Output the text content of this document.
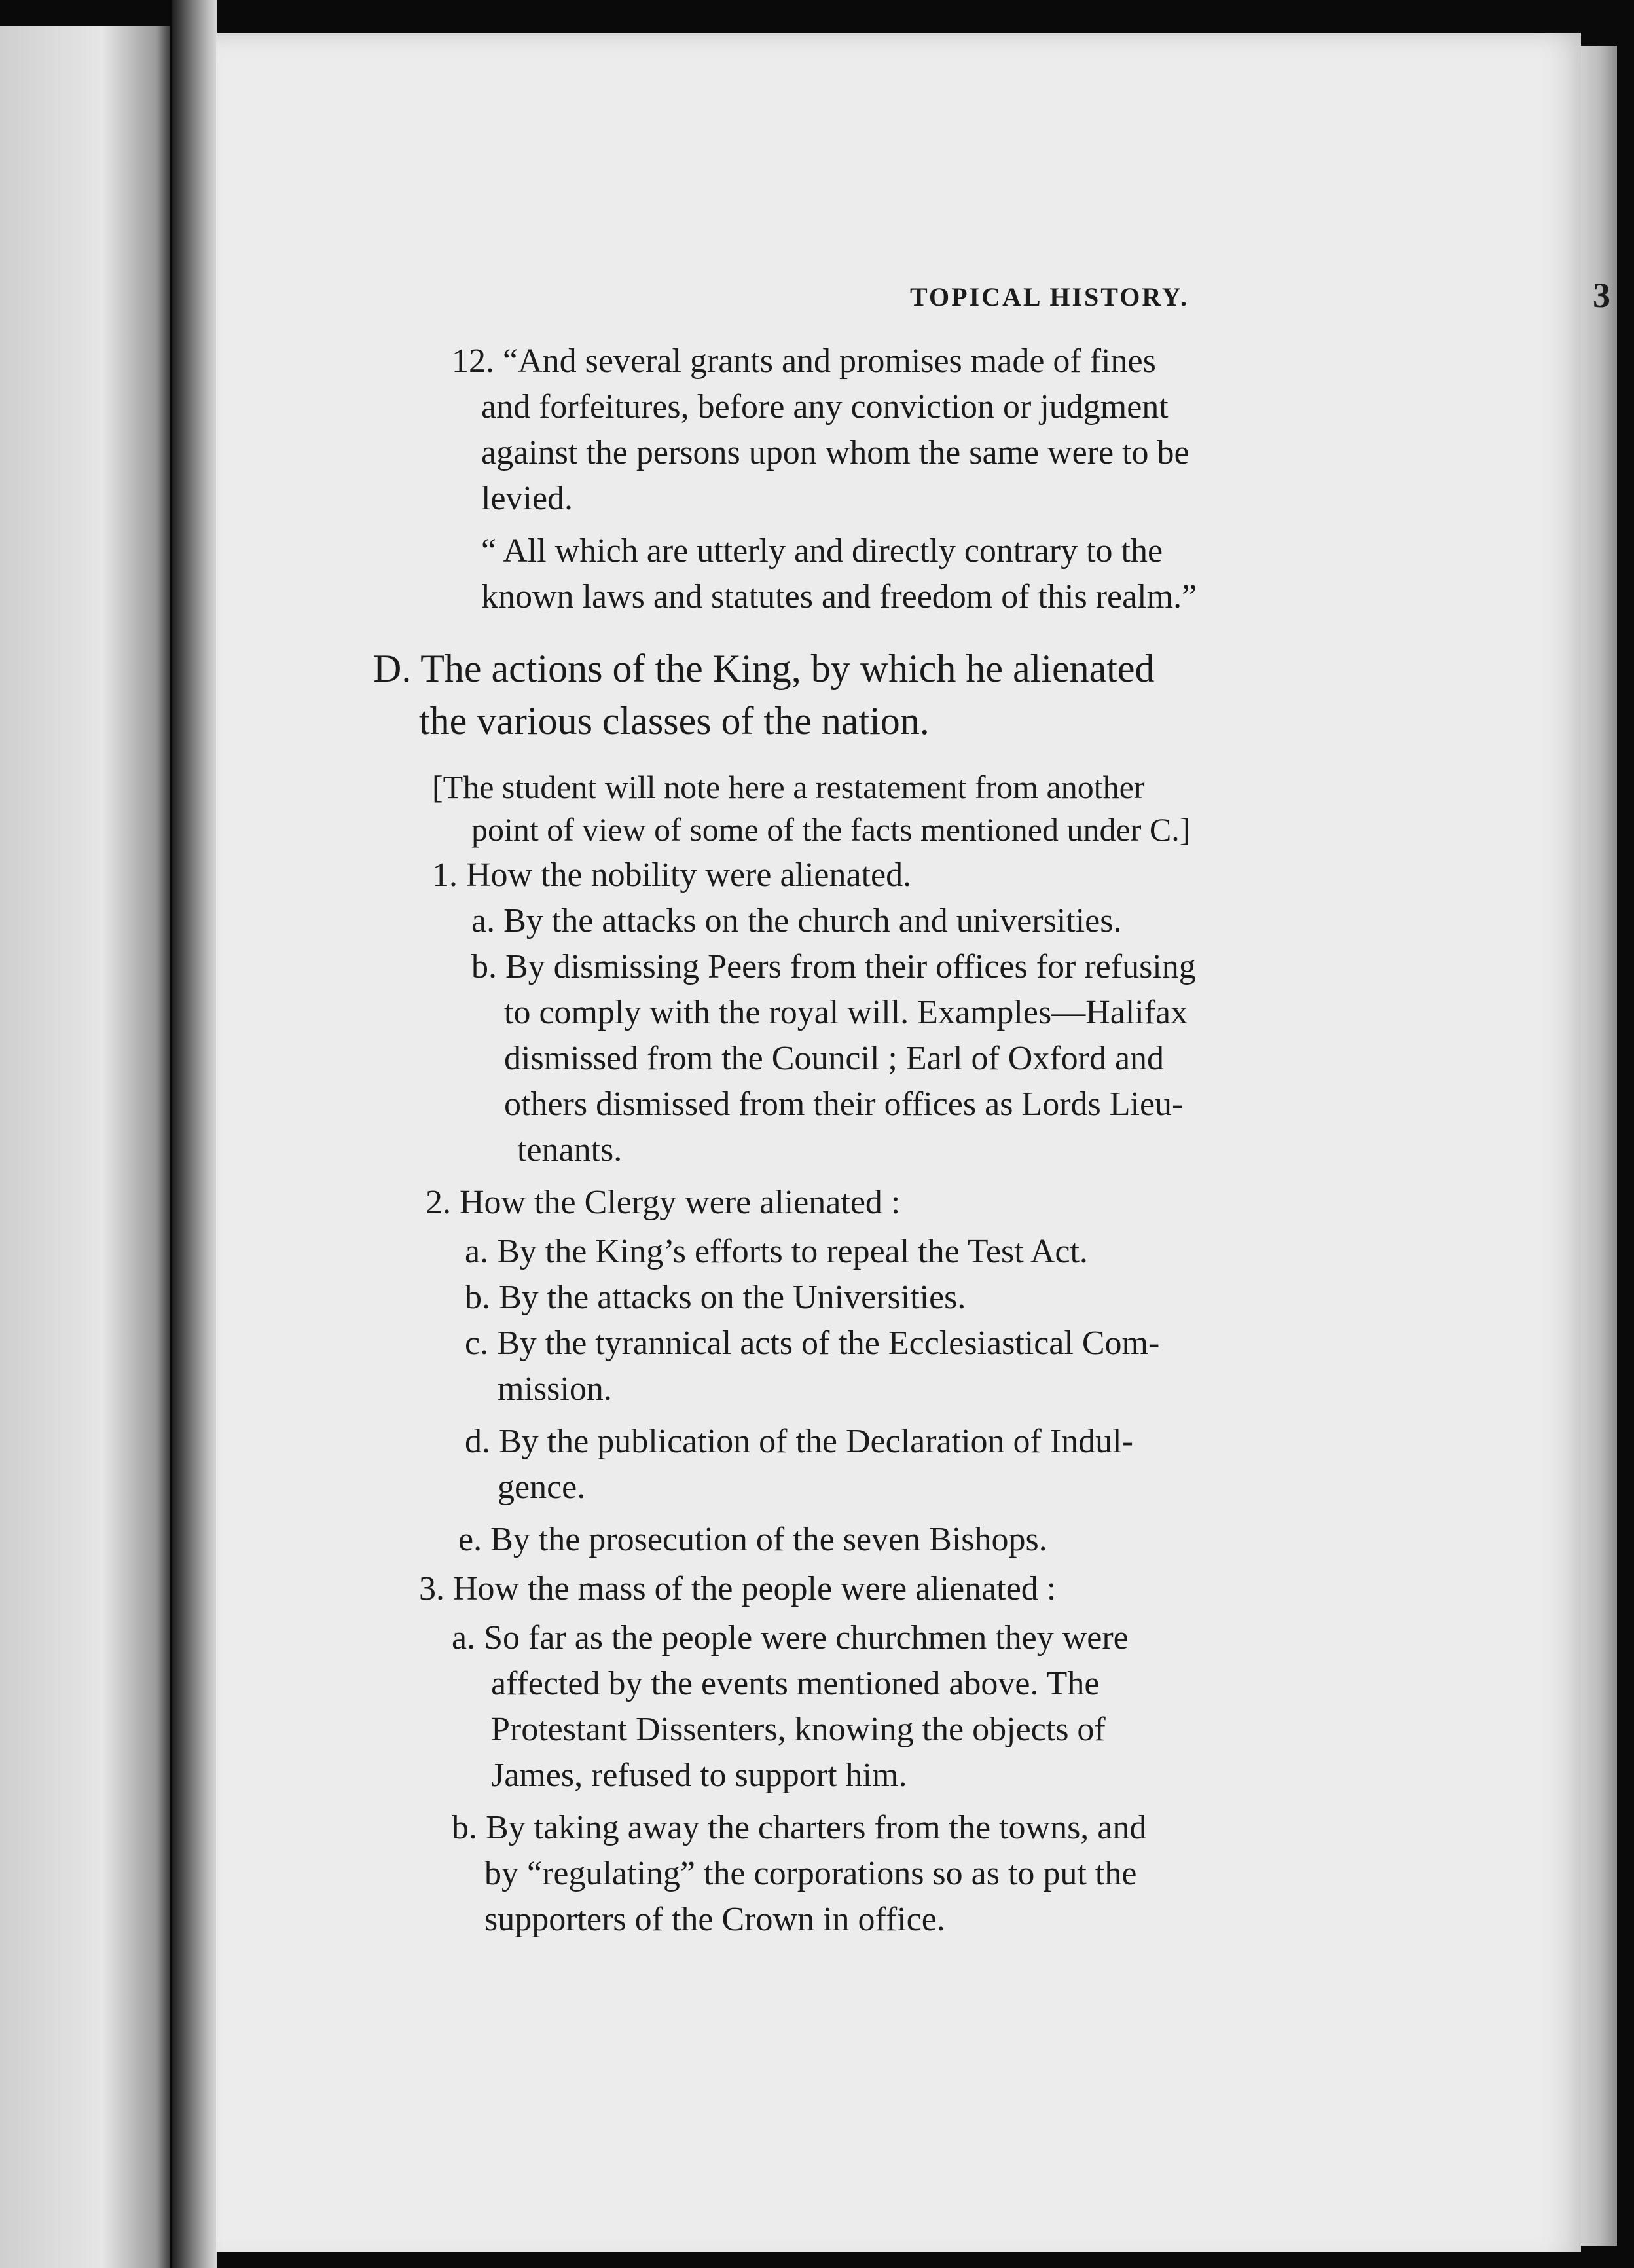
TOPICAL HISTORY.	3
12. “And several grants and promises made of fines
and forfeitures, before any conviction or judgment
against the persons upon whom the same were to be
levied.
“ All which are utterly and directly contrary to the
known laws and statutes and freedom of this realm.”
D. The actions of the King, by which he alienated
the various classes of the nation.
[The student will note here a restatement from another
point of view of some of the facts mentioned under C.]
1. How the nobility were alienated.
a. By the attacks on the church and universities.
b. By dismissing Peers from their offices for refusing
to comply with the royal will. Examples—Halifax
dismissed from the Council ; Earl of Oxford and
others dismissed from their offices as Lords Lieu-
tenants.
2. How the Clergy were alienated :
a. By the King’s efforts to repeal the Test Act.
b. By the attacks on the Universities.
c. By the tyrannical acts of the Ecclesiastical Com-
mission.
d. By the publication of the Declaration of Indul-
gence.
e. By the prosecution of the seven Bishops.
3. How the mass of the people were alienated :
a. So far as the people were churchmen they were
affected by the events mentioned above. The
Protestant Dissenters, knowing the objects of
James, refused to support him.
b. By taking away the charters from the towns, and
by “regulating” the corporations so as to put the
supporters of the Crown in office.
